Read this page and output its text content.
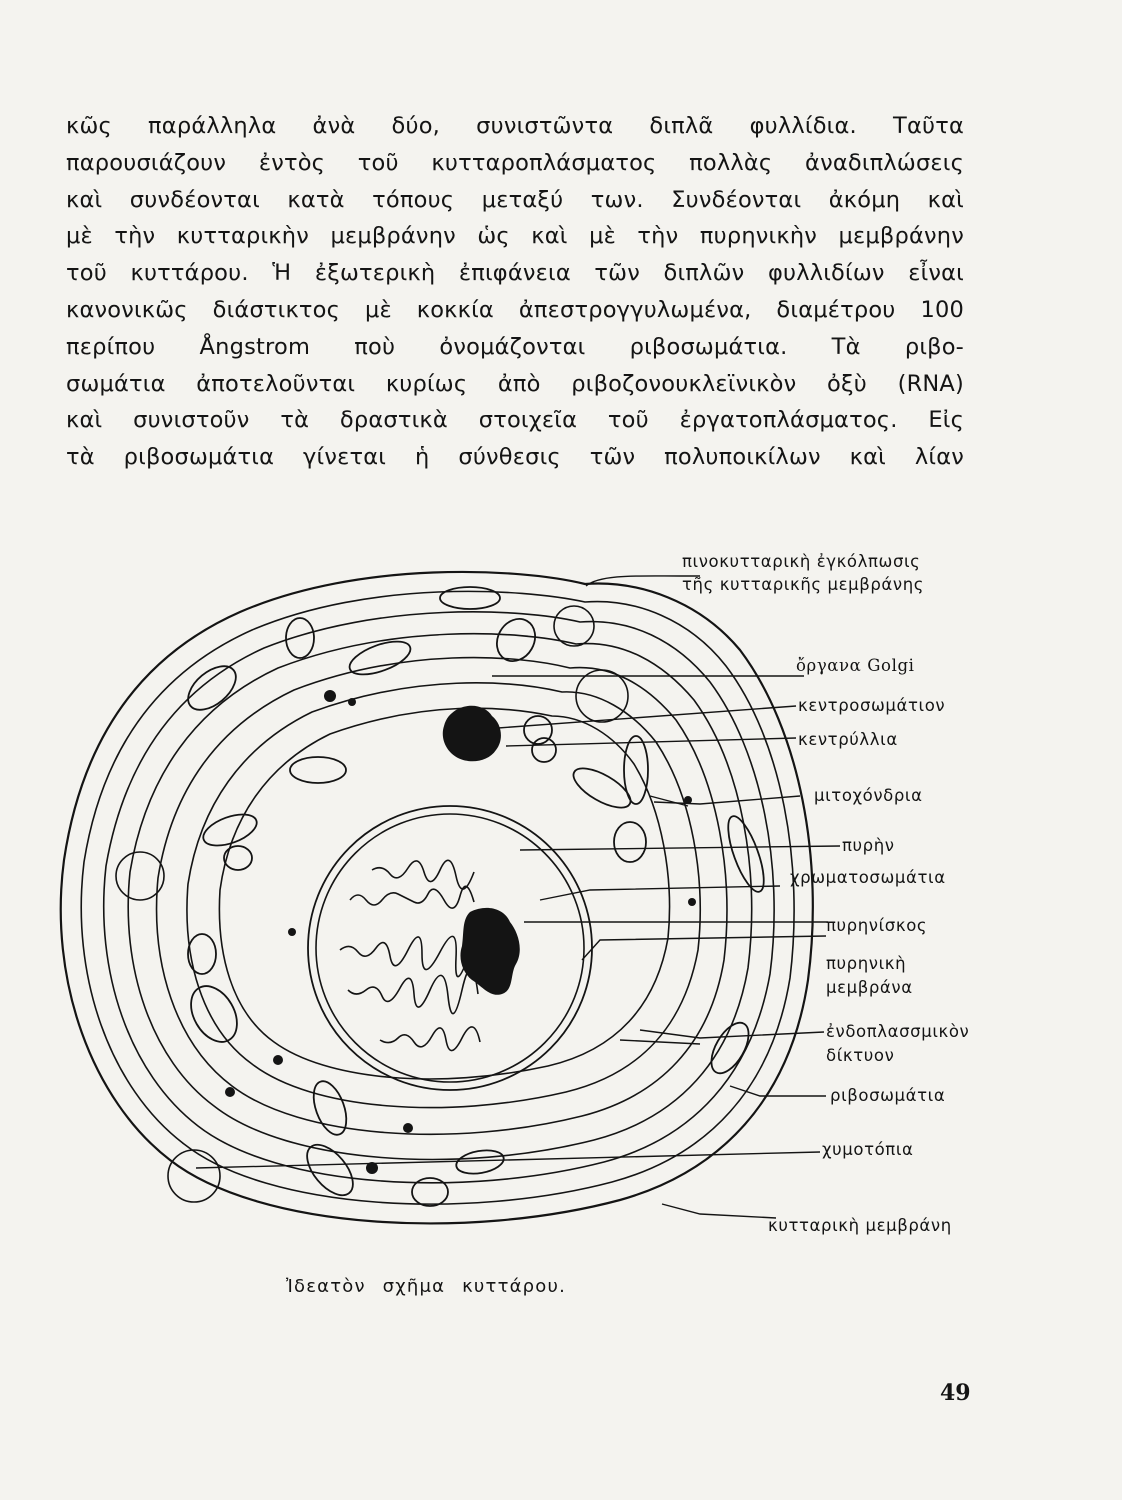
κῶς παράλληλα ἀνὰ δύο, συνιστῶντα διπλᾶ φυλλίδια. Ταῦτα
παρουσιάζουν ἐντὸς τοῦ κυτταροπλάσματος πολλὰς ἀναδιπλώσεις
καὶ συνδέονται κατὰ τόπους μεταξύ των. Συνδέονται ἀκόμη καὶ
μὲ τὴν κυτταρικὴν μεμβράνην ὡς καὶ μὲ τὴν πυρηνικὴν μεμβράνην
τοῦ κυττάρου. Ἡ ἐξωτερικὴ ἐπιφάνεια τῶν διπλῶν φυλλιδίων εἶναι
κανονικῶς διάστικτος μὲ κοκκία ἀπεστρογγυλωμένα, διαμέτρου 100
περίπου Ångstrom ποὺ ὀνομάζονται ριβοσωμάτια. Τὰ ριβο-
σωμάτια ἀποτελοῦνται κυρίως ἀπὸ ριβοζονουκλεϊνικὸν ὀξὺ (RNA)
καὶ συνιστοῦν τὰ δραστικὰ στοιχεῖα τοῦ ἐργατοπλάσματος. Εἰς
τὰ ριβοσωμάτια γίνεται ἡ σύνθεσις τῶν πολυποικίλων καὶ λίαν
πινοκυτταρικὴ ἐγκόλπωσις
τῆς κυτταρικῆς μεμβράνης
ὄργανα Golgi
κεντροσωμάτιον
κεντρύλλια
μιτοχόνδρια
πυρὴν
χρωματοσωμάτια
πυρηνίσκος
πυρηνικὴ
μεμβράνα
ἐνδοπλασσμικὸν
δίκτυον
ριβοσωμάτια
χυμοτόπια
κυτταρικὴ μεμβράνη
Ἰδεατὸν σχῆμα κυττάρου.
49
